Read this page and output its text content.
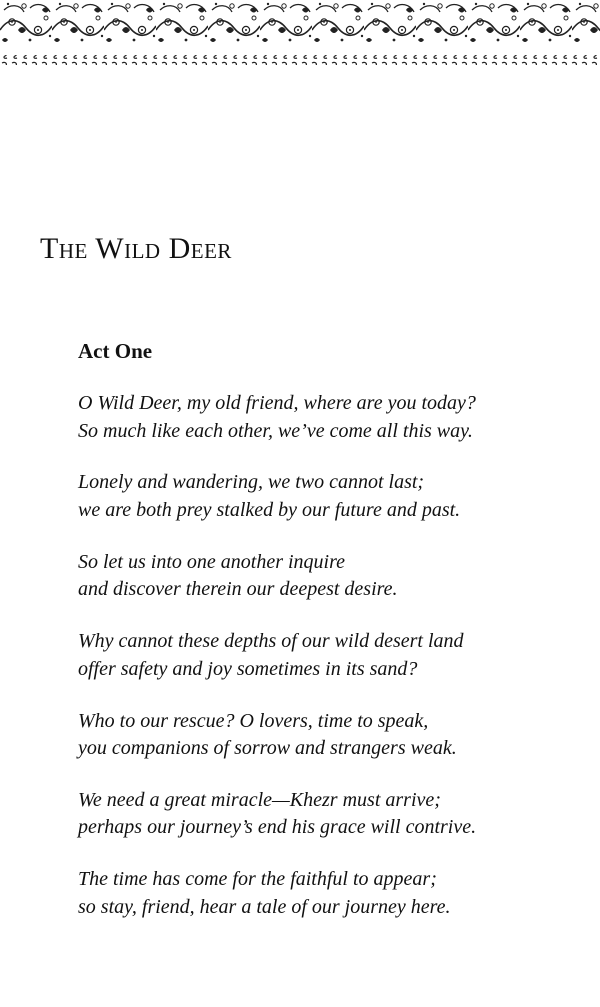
The Wild Deer
Act One
O Wild Deer, my old friend, where are you today?
So much like each other, we’ve come all this way.
Lonely and wandering, we two cannot last;
we are both prey stalked by our future and past.
So let us into one another inquire
and discover therein our deepest desire.
Why cannot these depths of our wild desert land
offer safety and joy sometimes in its sand?
Who to our rescue? O lovers, time to speak,
you companions of sorrow and strangers weak.
We need a great miracle—Khezr must arrive;
perhaps our journey’s end his grace will contrive.
The time has come for the faithful to appear;
so stay, friend, hear a tale of our journey here.
